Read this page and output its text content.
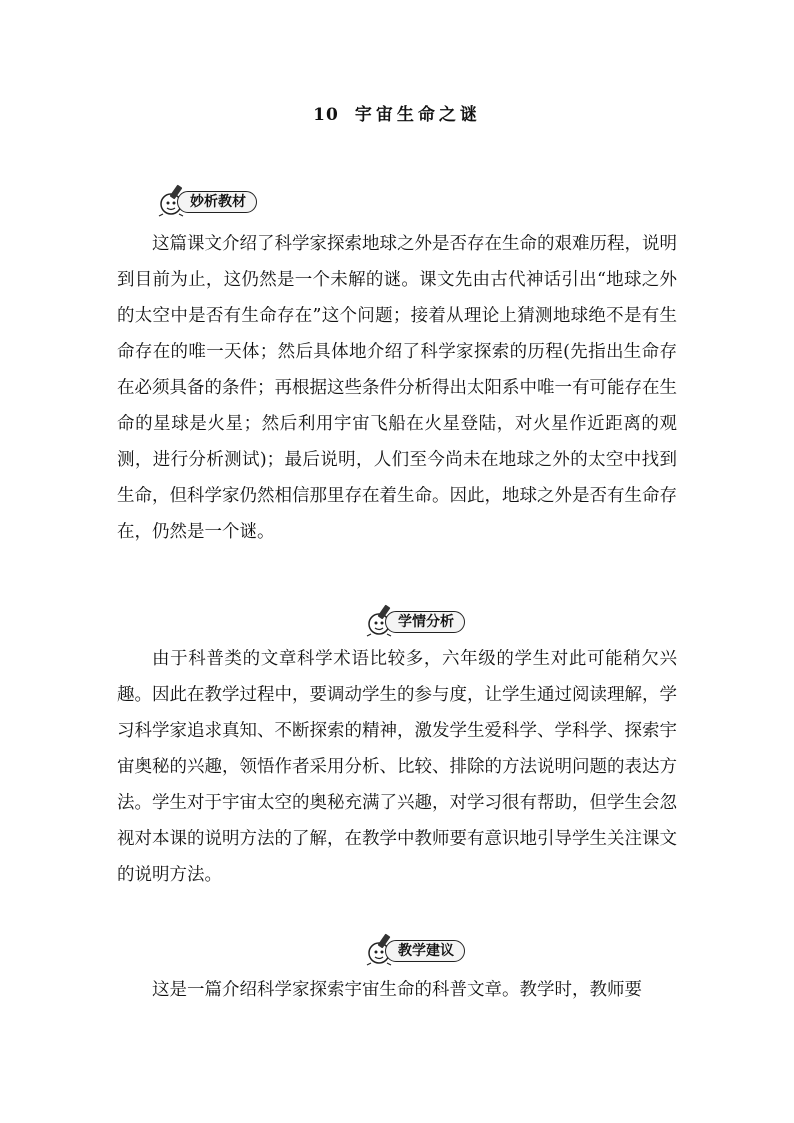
10 宇宙生命之谜
妙析教材

这篇课文介绍了科学家探索地球之外是否存在生命的艰难历程，说明到目前为止，这仍然是一个未解的谜。课文先由古代神话引出“地球之外的太空中是否有生命存在”这个问题；接着从理论上猜测地球绝不是有生命存在的唯一天体；然后具体地介绍了科学家探索的历程(先指出生命存在必须具备的条件；再根据这些条件分析得出太阳系中唯一有可能存在生命的星球是火星；然后利用宇宙飞船在火星登陆，对火星作近距离的观测，进行分析测试)；最后说明，人们至今尚未在地球之外的太空中找到生命，但科学家仍然相信那里存在着生命。因此，地球之外是否有生命存在，仍然是一个谜。

学情分析

由于科普类的文章科学术语比较多，六年级的学生对此可能稍欠兴趣。因此在教学过程中，要调动学生的参与度，让学生通过阅读理解，学习科学家追求真知、不断探索的精神，激发学生爱科学、学科学、探索宇宙奥秘的兴趣，领悟作者采用分析、比较、排除的方法说明问题的表达方法。学生对于宇宙太空的奥秘充满了兴趣，对学习很有帮助，但学生会忽视对本课的说明方法的了解，在教学中教师要有意识地引导学生关注课文的说明方法。

教学建议

这是一篇介绍科学家探索宇宙生命的科普文章。教学时，教师要
